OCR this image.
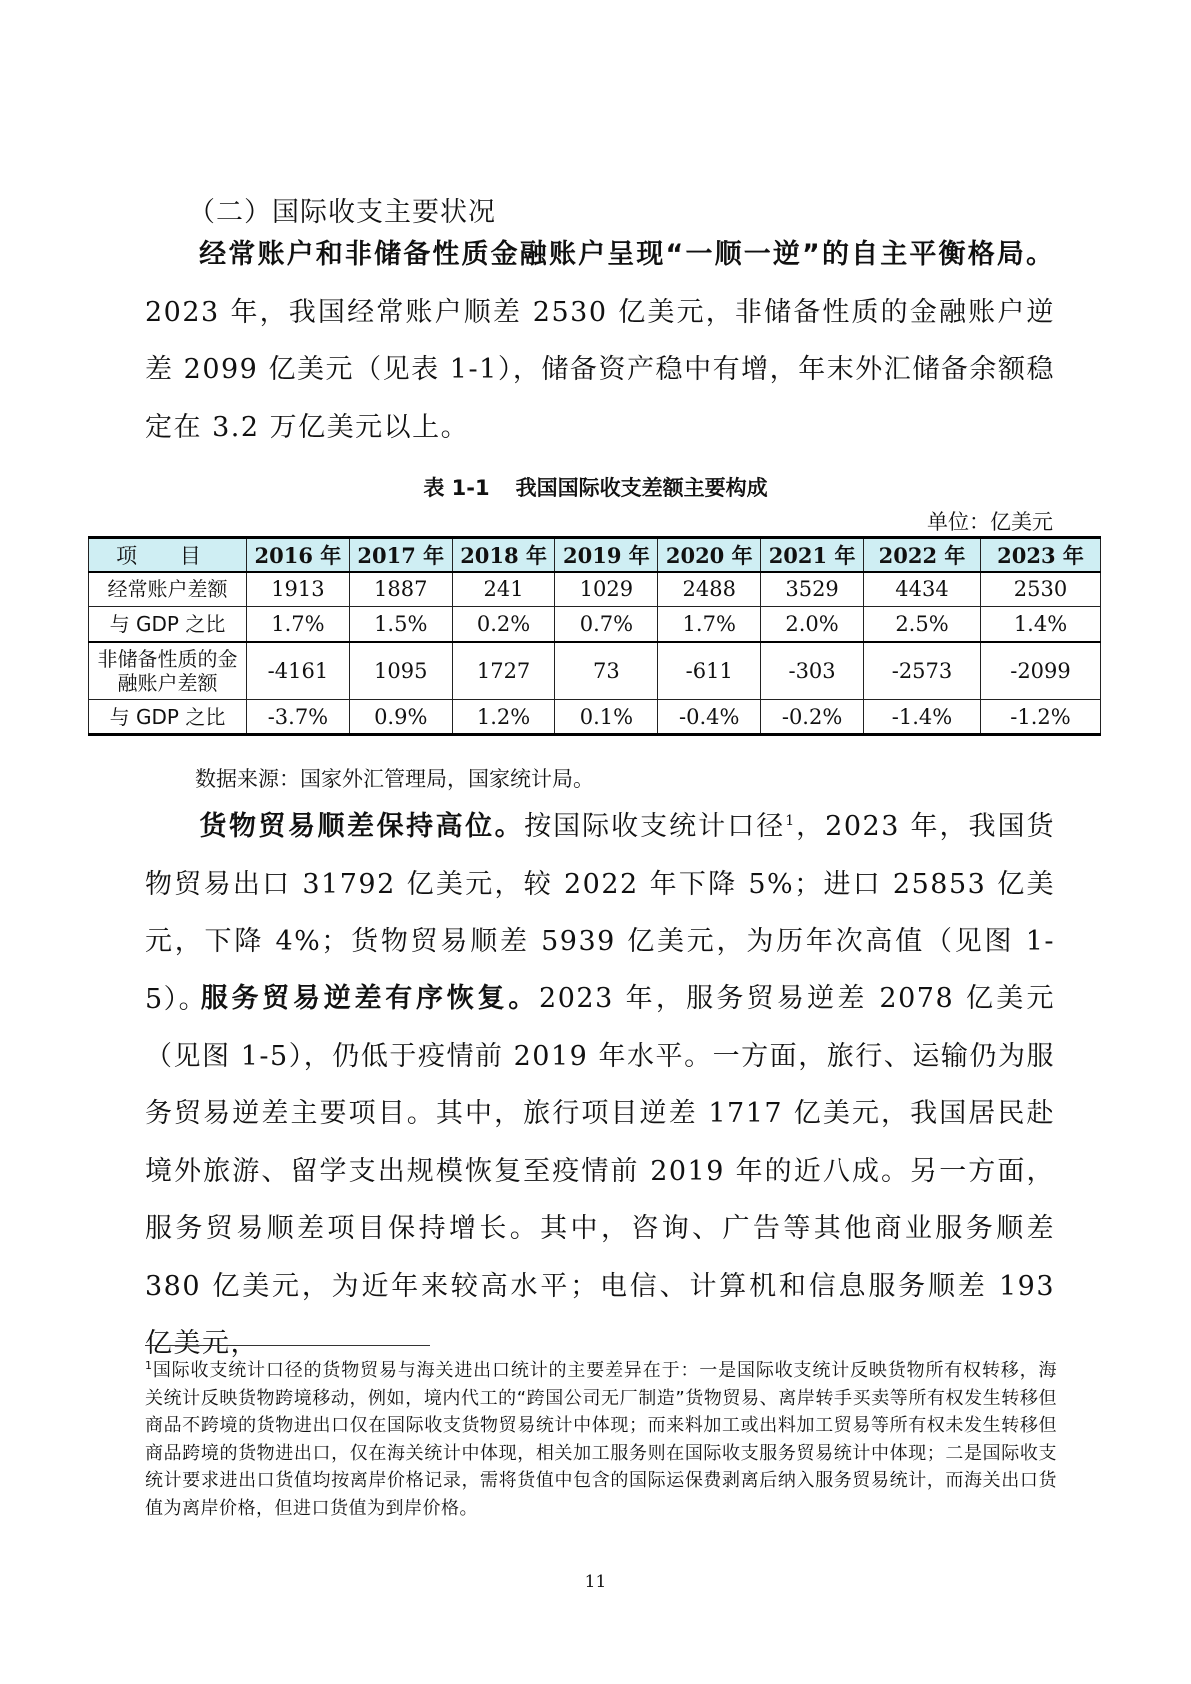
（二）国际收支主要状况
经常账户和非储备性质金融账户呈现“一顺一逆”的自主平衡格局。2023 年，我国经常账户顺差 2530 亿美元，非储备性质的金融账户逆差 2099 亿美元（见表 1-1），储备资产稳中有增，年末外汇储备余额稳定在 3.2 万亿美元以上。
表 1-1 我国国际收支差额主要构成
单位：亿美元
项 目	2016 年	2017 年	2018 年	2019 年	2020 年	2021 年	2022 年	2023 年
经常账户差额	1913	1887	241	1029	2488	3529	4434	2530
与 GDP 之比	1.7%	1.5%	0.2%	0.7%	1.7%	2.0%	2.5%	1.4%
非储备性质的金
融账户差额	-4161	1095	1727	73	-611	-303	-2573	-2099
与 GDP 之比	-3.7%	0.9%	1.2%	0.1%	-0.4%	-0.2%	-1.4%	-1.2%
数据来源：国家外汇管理局，国家统计局。
货物贸易顺差保持高位。按国际收支统计口径$^1$，2023 年，我国货物贸易出口 31792 亿美元，较 2022 年下降 5%；进口 25853 亿美元，下降 4%；货物贸易顺差 5939 亿美元，为历年次高值（见图 1-5）。
服务贸易逆差有序恢复。2023 年，服务贸易逆差 2078 亿美元（见图 1-5），仍低于疫情前 2019 年水平。一方面，旅行、运输仍为服务贸易逆差主要项目。其中，旅行项目逆差 1717 亿美元，我国居民赴境外旅游、留学支出规模恢复至疫情前 2019 年的近八成。另一方面，服务贸易顺差项目保持增长。其中，咨询、广告等其他商业服务顺差 380 亿美元，为近年来较高水平；电信、计算机和信息服务顺差 193 亿美元，
$^1$国际收支统计口径的货物贸易与海关进出口统计的主要差异在于：一是国际收支统计反映货物所有权转移，海关统计反映货物跨境移动，例如，境内代工的“跨国公司无厂制造”货物贸易、离岸转手买卖等所有权发生转移但商品不跨境的货物进出口仅在国际收支货物贸易统计中体现；而来料加工或出料加工贸易等所有权未发生转移但商品跨境的货物进出口，仅在海关统计中体现，相关加工服务则在国际收支服务贸易统计中体现；二是国际收支统计要求进出口货值均按离岸价格记录，需将货值中包含的国际运保费剥离后纳入服务贸易统计，而海关出口货值为离岸价格，但进口货值为到岸价格。
11
